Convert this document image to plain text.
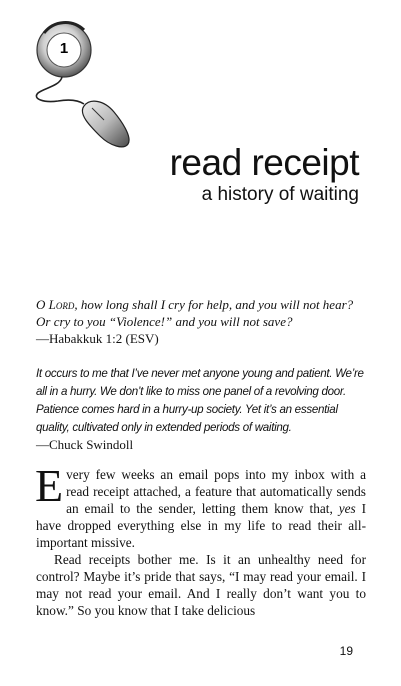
1
read receipt
a history of waiting

O Lord, how long shall I cry for help, and you will not hear? Or cry to you “Violence!” and you will not save?
—Habakkuk 1:2 (ESV)

It occurs to me that I’ve never met anyone young and patient. We’re all in a hurry. We don’t like to miss one panel of a revolving door. Patience comes hard in a hurry-up society. Yet it’s an essential quality, cultivated only in extended periods of waiting.
—Chuck Swindoll

Every few weeks an email pops into my inbox with a read receipt attached, a feature that automatically sends an email to the sender, letting them know that, yes I have dropped everything else in my life to read their all-important missive.

Read receipts bother me. Is it an unhealthy need for control? Maybe it’s pride that says, “I may read your email. I may not read your email. And I really don’t want you to know.” So you know that I take delicious

19
